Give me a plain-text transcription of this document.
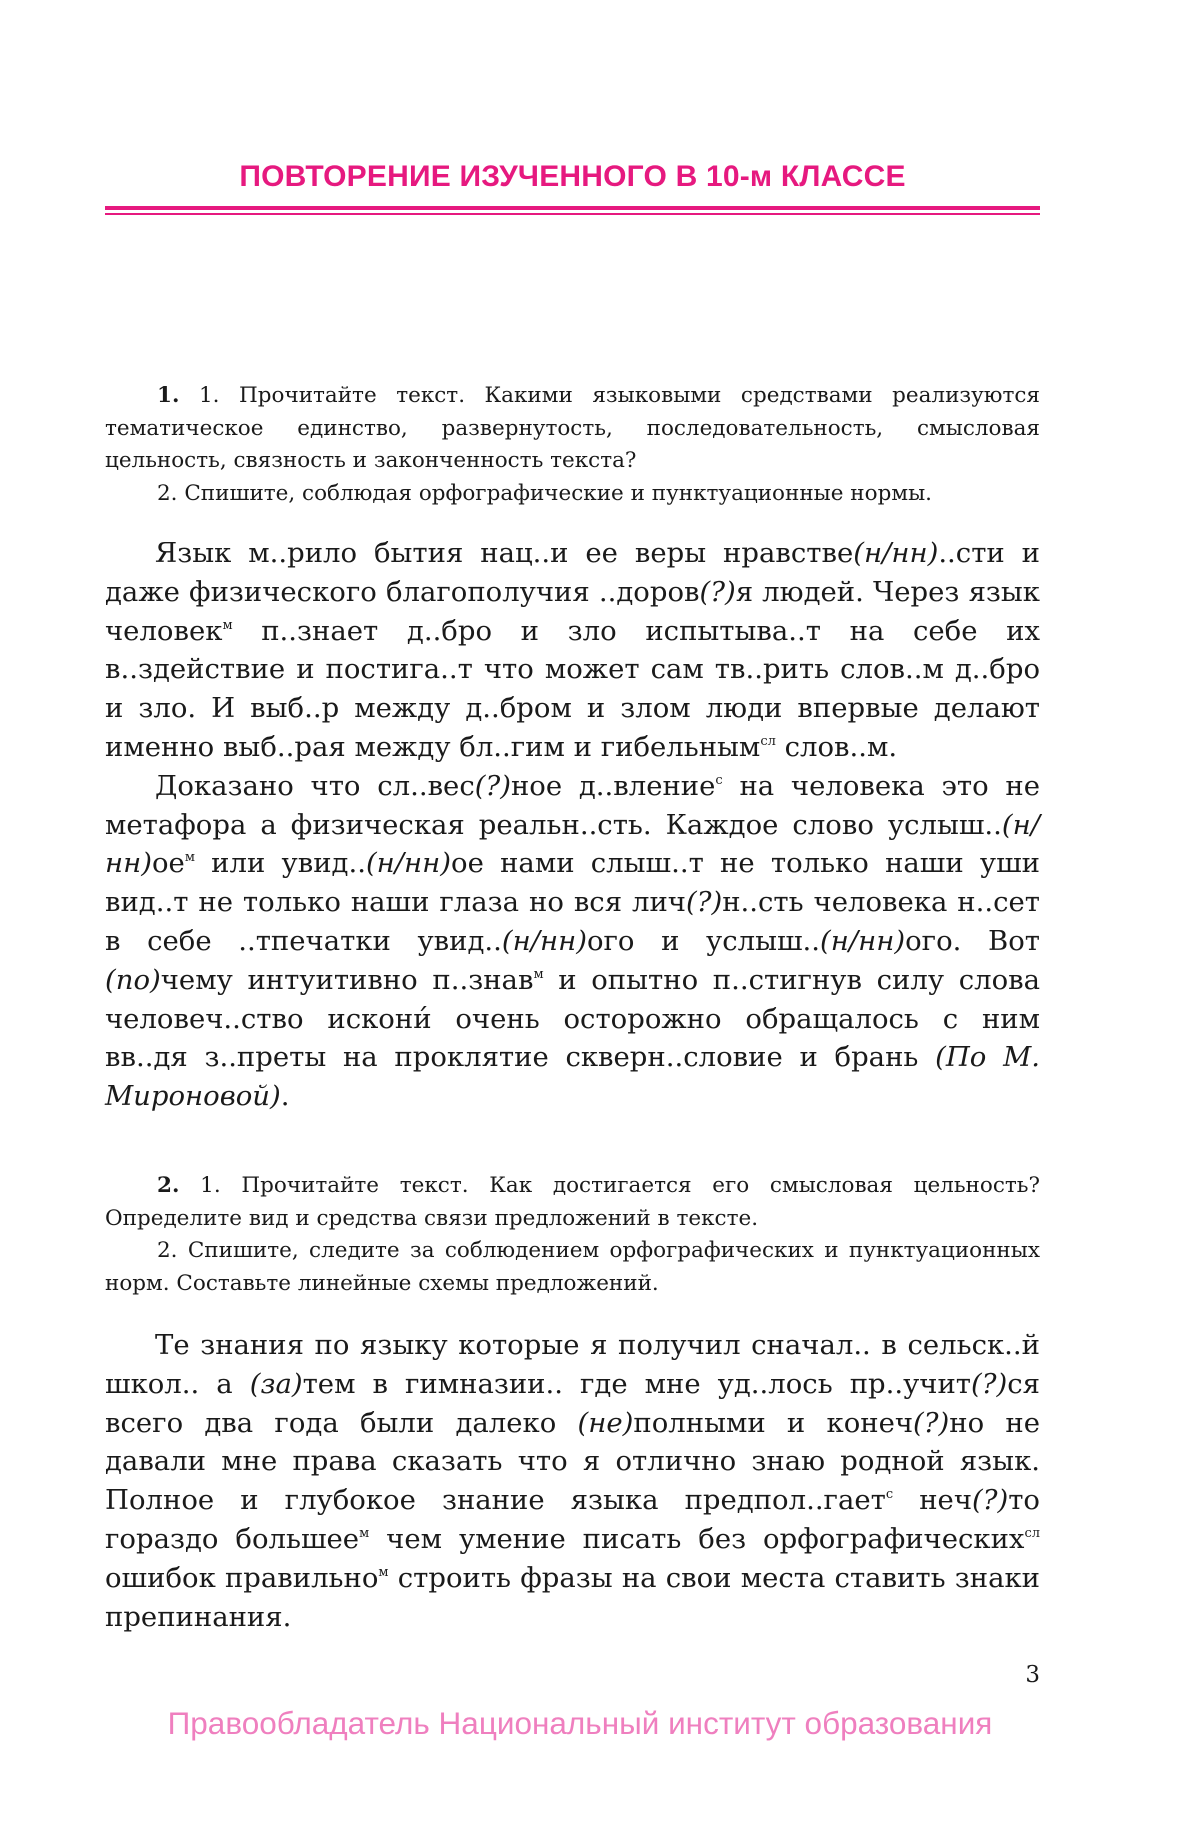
ПОВТОРЕНИЕ ИЗУЧЕННОГО В 10-м КЛАССЕ

1. 1. Прочитайте текст. Какими языковыми средствами реализуются тематическое единство, развернутость, последовательность, смысловая цельность, связность и законченность текста?

2. Спишите, соблюдая орфографические и пунктуационные нормы.

Язык м..рило бытия нац..и ее веры нравстве(н/нн)..сти и даже физического благополучия ..доров(?)я людей. Через язык человек$^м$ п..знает д..бро и зло испытыва..т на себе их в..здействие и постига..т что может сам тв..рить слов..м д..бро и зло. И выб..р между д..бром и злом люди впервые делают именно выб..рая между бл..гим и гибельным$^{сл}$ слов..м.

Доказано что сл..вес(?)ное д..вление$^с$ на человека это не метафора а физическая реальн..сть. Каждое слово $услыш..(н/нн)ое^м$ или увид..(н/нн)ое нами слыш..т не только наши уши вид..т не только наши глаза но вся лич(?)н..сть человека н..сет в себе ..тпечатки увид..(н/нн)ого и услыш..(н/нн)ого. Вот (по)чему интуитивно п..знав$^м$ и опытно п..стигнув силу слова человеч..ство искони́ очень осторожно обращалось с ним вв..дя з..преты на проклятие скверн..словие и брань (По М. Мироновой).

2. 1. Прочитайте текст. Как достигается его смысловая цельность? Определите вид и средства связи предложений в тексте.

2. Спишите, следите за соблюдением орфографических и пунктуационных норм. Составьте линейные схемы предложений.

Те знания по языку которые я получил сначал.. в сельск..й школ.. а (за)тем в гимназии.. где мне уд..лось пр..учит(?)ся всего два года были далеко (не)полными и конеч(?)но не давали мне права сказать что я отлично знаю родной язык. Полное и глубокое знание языка предпол..гает$^с$ неч(?)то гораздо большее$^м$ чем умение писать без орфографических$^{сл}$ ошибок правильно$^м$ строить фразы на свои места ставить знаки препинания.

3
Правообладатель Национальный институт образования
